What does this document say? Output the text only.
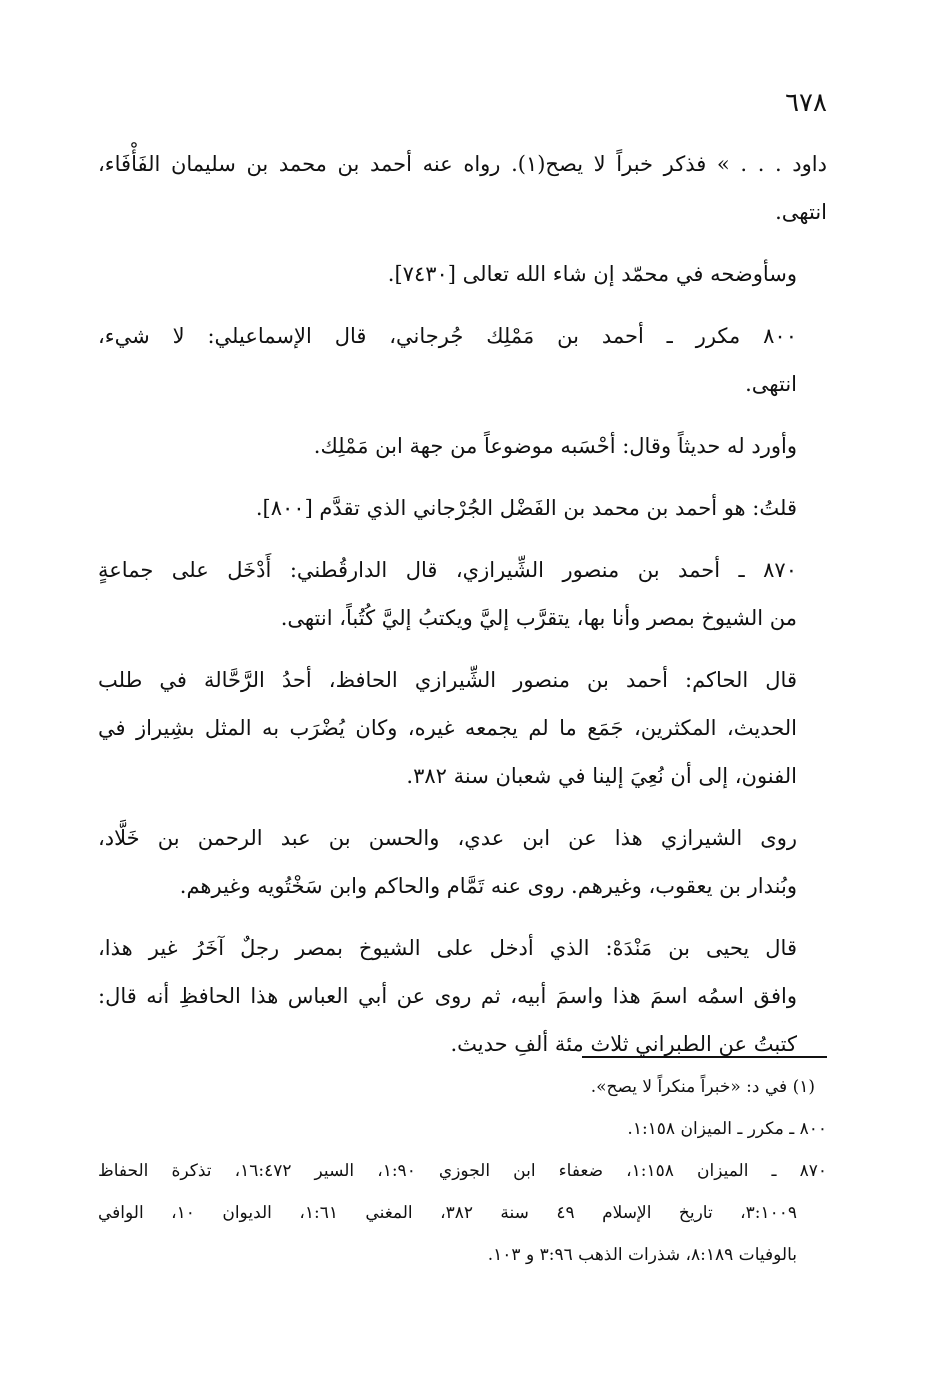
٦٧٨

داود . . . » فذكر خبراً لا يصح(١). رواه عنه أحمد بن محمد بن سليمان الفَأْفَاء،
انتهى.

وسأوضحه في محمّد إن شاء الله تعالى [٧٤٣٠].

٨٠٠ مكرر ـ أحمد بن مَمْلِك جُرجاني، قال الإسماعيلي: لا شيء،
انتهى.

وأورد له حديثاً وقال: أحْسَبه موضوعاً من جهة ابن مَمْلِك.

قلتُ: هو أحمد بن محمد بن الفَضْل الجُرْجاني الذي تقدَّم [٨٠٠].

٨٧٠ ـ أحمد بن منصور الشِّيرازي، قال الدارقُطني: أَدْخَل على جماعةٍ
من الشيوخ بمصر وأنا بها، يتقرَّب إليَّ ويكتبُ إليَّ كُتُباً، انتهى.

قال الحاكم: أحمد بن منصور الشِّيرازي الحافظ، أحدُ الرَّحَّالة في طلب
الحديث، المكثرين، جَمَع ما لم يجمعه غيره، وكان يُضْرَب به المثل بشِيراز في
الفنون، إلى أن نُعِيَ إلينا في شعبان سنة ٣٨٢.

روى الشيرازي هذا عن ابن عدي، والحسن بن عبد الرحمن بن خَلَّاد،
وبُندار بن يعقوب، وغيرهم. روى عنه تَمَّام والحاكم وابن سَخْتُويه وغيرهم.

قال يحيى بن مَنْدَهْ: الذي أدخل على الشيوخ بمصر رجلٌ آخَرُ غير هذا،
وافق اسمُه اسمَ هذا واسمَ أبيه، ثم روى عن أبي العباس هذا الحافظِ أنه قال:
كتبتُ عن الطبراني ثلاث مئة ألفِ حديث.

(١) في د: «خبراً منكراً لا يصح».
٨٠٠ ـ مكرر ـ الميزان ١:١٥٨.
٨٧٠ ـ الميزان ١:١٥٨، ضعفاء ابن الجوزي ١:٩٠، السير ١٦:٤٧٢، تذكرة الحفاظ
٣:١٠٠٩، تاريخ الإسلام ٤٩ سنة ٣٨٢، المغني ١:٦١، الديوان ١٠، الوافي
بالوفيات ٨:١٨٩، شذرات الذهب ٣:٩٦ و ١٠٣.
